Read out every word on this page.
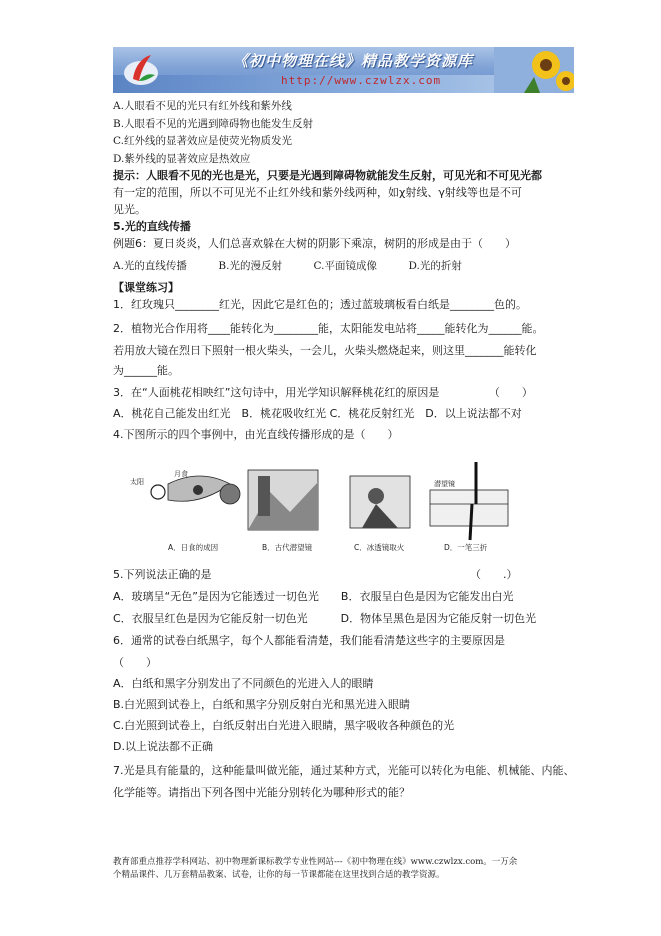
《初中物理在线》精品教学资源库
http://www.czwlzx.com
A.人眼看不见的光只有红外线和紫外线
B.人眼看不见的光遇到障碍物也能发生反射
C.红外线的显著效应是使荧光物质发光
D.紫外线的显著效应是热效应
提示：人眼看不见的光也是光，只要是光遇到障碍物就能发生反射，可见光和不可见光都
有一定的范围，所以不可见光不止红外线和紫外线两种，如χ射线、γ射线等也是不可
见光。
5.光的直线传播
例题6：夏日炎炎，人们总喜欢躲在大树的阴影下乘凉，树阴的形成是由于（　　）
A.光的直线传播　　　B.光的漫反射　　　C.平面镜成像　　　D.光的折射
【课堂练习】
1．红玫瑰只________红光，因此它是红色的；透过蓝玻璃板看白纸是________色的。
2．植物光合作用将____能转化为________能，太阳能发电站将_____能转化为______能。
若用放大镜在烈日下照射一根火柴头，一会儿，火柴头燃烧起来，则这里_______能转化
为______能。
3．在“人面桃花相映红”这句诗中，用光学知识解释桃花红的原因是　　　　　（　　）
A．桃花自己能发出红光　B．桃花吸收红光 C．桃花反射红光　D．以上说法都不对
4.下图所示的四个事例中，由光直线传播形成的是（　　）
太阳
月食
潜望镜
A．日食的成因	B．古代潜望镜	C．冰透镜取火	D．一笔三折
5.下列说法正确的是　　　　　　　　　　　　　　　　　　　　　　　　（　　.）
A．玻璃呈“无色”是因为它能透过一切色光　　B．衣服呈白色是因为它能发出白光
C．衣服呈红色是因为它能反射一切色光　　　D．物体呈黑色是因为它能反射一切色光
6．通常的试卷白纸黑字，每个人都能看清楚，我们能看清楚这些字的主要原因是
（　　）
A．白纸和黑字分别发出了不同颜色的光进入人的眼睛
B.白光照到试卷上，白纸和黑字分别反射白光和黑光进入眼睛
C.白光照到试卷上，白纸反射出白光进入眼睛，黑字吸收各种颜色的光
D.以上说法都不正确
7.光是具有能量的，这种能量叫做光能，通过某种方式，光能可以转化为电能、机械能、内能、
化学能等。请指出下列各图中光能分别转化为哪种形式的能？
教育部重点推荐学科网站、初中物理新课标教学专业性网站---《初中物理在线》www.czwlzx.com。一万余
个精品课件、几万套精品教案、试卷，让你的每一节课都能在这里找到合适的教学资源。
